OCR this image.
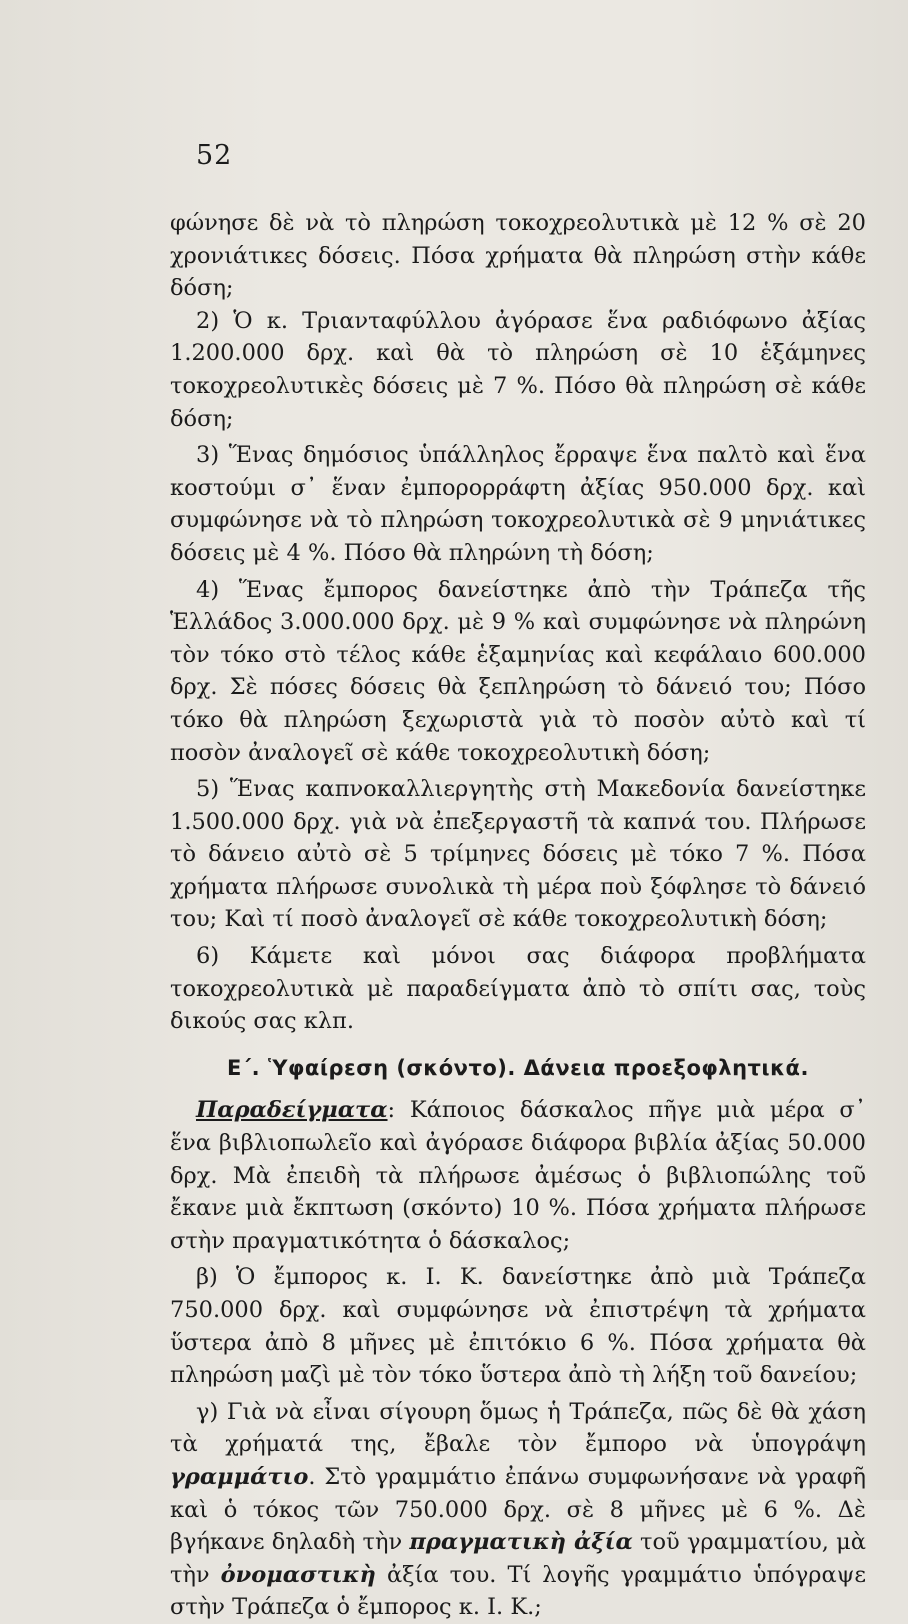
52

φώνησε δὲ νὰ τὸ πληρώση τοκοχρεολυτικὰ μὲ 12 % σὲ 20 χρονιάτικες δόσεις. Πόσα χρήματα θὰ πληρώση στὴν κάθε δόση;

2) Ὁ κ. Τριανταφύλλου ἀγόρασε ἕνα ραδιόφωνο ἀξίας 1.200.000 δρχ. καὶ θὰ τὸ πληρώση σὲ 10 ἑξάμηνες τοκοχρεολυτικὲς δόσεις μὲ 7 %. Πόσο θὰ πληρώση σὲ κάθε δόση;

3) Ἕνας δημόσιος ὑπάλληλος ἔρραψε ἕνα παλτὸ καὶ ἕνα κοστούμι σ᾿ ἕναν ἐμπορορράφτη ἀξίας 950.000 δρχ. καὶ συμφώνησε νὰ τὸ πληρώση τοκοχρεολυτικὰ σὲ 9 μηνιάτικες δόσεις μὲ 4 %. Πόσο θὰ πληρώνη τὴ δόση;

4) Ἕνας ἔμπορος δανείστηκε ἀπὸ τὴν Τράπεζα τῆς Ἑλλάδος 3.000.000 δρχ. μὲ 9 % καὶ συμφώνησε νὰ πληρώνη τὸν τόκο στὸ τέλος κάθε ἑξαμηνίας καὶ κεφάλαιο 600.000 δρχ. Σὲ πόσες δόσεις θὰ ξεπληρώση τὸ δάνειό του; Πόσο τόκο θὰ πληρώση ξεχωριστὰ γιὰ τὸ ποσὸν αὐτὸ καὶ τί ποσὸν ἀναλογεῖ σὲ κάθε τοκοχρεολυτικὴ δόση;

5) Ἕνας καπνοκαλλιεργητὴς στὴ Μακεδονία δανείστηκε 1.500.000 δρχ. γιὰ νὰ ἐπεξεργαστῆ τὰ καπνά του. Πλήρωσε τὸ δάνειο αὐτὸ σὲ 5 τρίμηνες δόσεις μὲ τόκο 7 %. Πόσα χρήματα πλήρωσε συνολικὰ τὴ μέρα ποὺ ξόφλησε τὸ δάνειό του; Καὶ τί ποσὸ ἀναλογεῖ σὲ κάθε τοκοχρεολυτικὴ δόση;

6) Κάμετε καὶ μόνοι σας διάφορα προβλήματα τοκοχρεολυτικὰ μὲ παραδείγματα ἀπὸ τὸ σπίτι σας, τοὺς δικούς σας κλπ.

Ε΄. Ὑφαίρεση (σκόντο). Δάνεια προεξοφλητικά.

Παραδείγματα: Κάποιος δάσκαλος πῆγε μιὰ μέρα σ᾿ ἕνα βιβλιοπωλεῖο καὶ ἀγόρασε διάφορα βιβλία ἀξίας 50.000 δρχ. Μὰ ἐπειδὴ τὰ πλήρωσε ἀμέσως ὁ βιβλιοπώλης τοῦ ἔκανε μιὰ ἔκπτωση (σκόντο) 10 %. Πόσα χρήματα πλήρωσε στὴν πραγματικότητα ὁ δάσκαλος;

β) Ὁ ἔμπορος κ. Ι. Κ. δανείστηκε ἀπὸ μιὰ Τράπεζα 750.000 δρχ. καὶ συμφώνησε νὰ ἐπιστρέψη τὰ χρήματα ὕστερα ἀπὸ 8 μῆνες μὲ ἐπιτόκιο 6 %. Πόσα χρήματα θὰ πληρώση μαζὶ μὲ τὸν τόκο ὕστερα ἀπὸ τὴ λήξη τοῦ δανείου;

γ) Γιὰ νὰ εἶναι σίγουρη ὅμως ἡ Τράπεζα, πῶς δὲ θὰ χάση τὰ χρήματά της, ἔβαλε τὸν ἔμπορο νὰ ὑπογράψη γραμμάτιο. Στὸ γραμμάτιο ἐπάνω συμφωνήσανε νὰ γραφῆ καὶ ὁ τόκος τῶν 750.000 δρχ. σὲ 8 μῆνες μὲ 6 %. Δὲ βγήκανε δηλαδὴ τὴν πραγματικὴ ἀξία τοῦ γραμματίου, μὰ τὴν ὀνομαστικὴ ἀξία του. Τί λογῆς γραμμάτιο ὑπόγραψε στὴν Τράπεζα ὁ ἔμπορος κ. Ι. Κ.;
